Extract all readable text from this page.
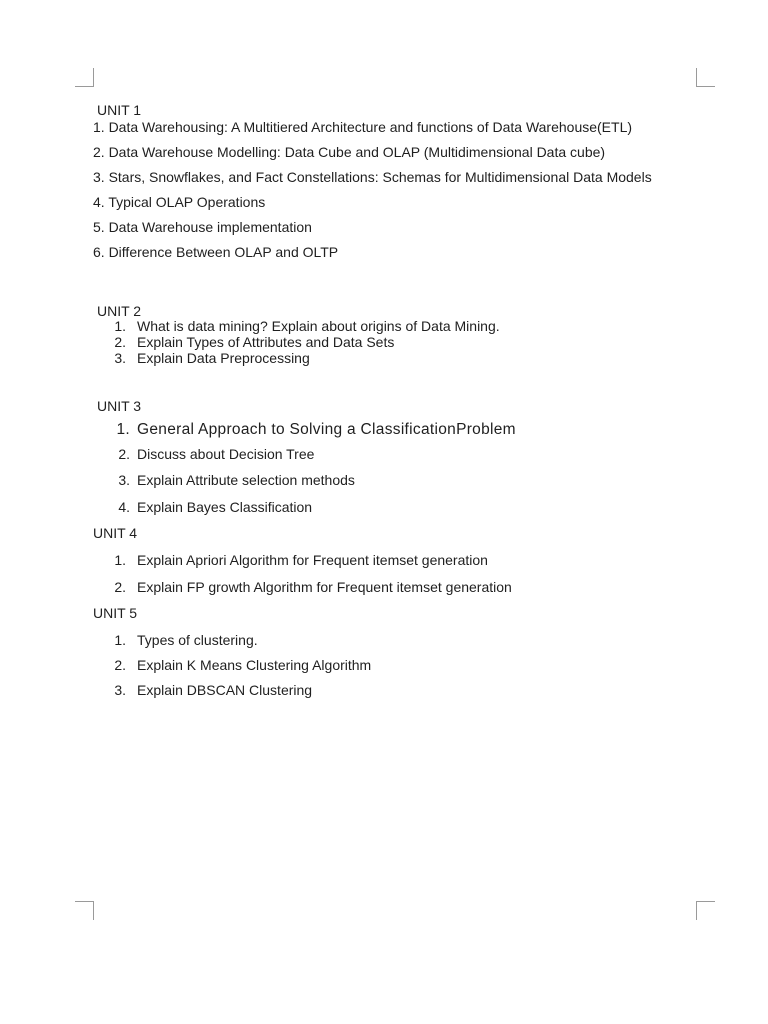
UNIT 1
1. Data Warehousing: A Multitiered Architecture and functions of Data Warehouse(ETL)
2. Data Warehouse Modelling: Data Cube and OLAP (Multidimensional Data cube)
3. Stars, Snowflakes, and Fact Constellations: Schemas for Multidimensional Data Models
4. Typical OLAP Operations
5. Data Warehouse implementation
6. Difference Between OLAP and OLTP
UNIT 2
1. What is data mining? Explain about origins of Data Mining.
2. Explain Types of Attributes and Data Sets
3. Explain Data Preprocessing
UNIT 3
1. General Approach to Solving a ClassificationProblem
2. Discuss about Decision Tree
3. Explain Attribute selection methods
4. Explain Bayes Classification
UNIT 4
1. Explain Apriori Algorithm for Frequent itemset generation
2. Explain FP growth Algorithm for Frequent itemset generation
UNIT 5
1. Types of clustering.
2. Explain K Means Clustering Algorithm
3. Explain DBSCAN Clustering
